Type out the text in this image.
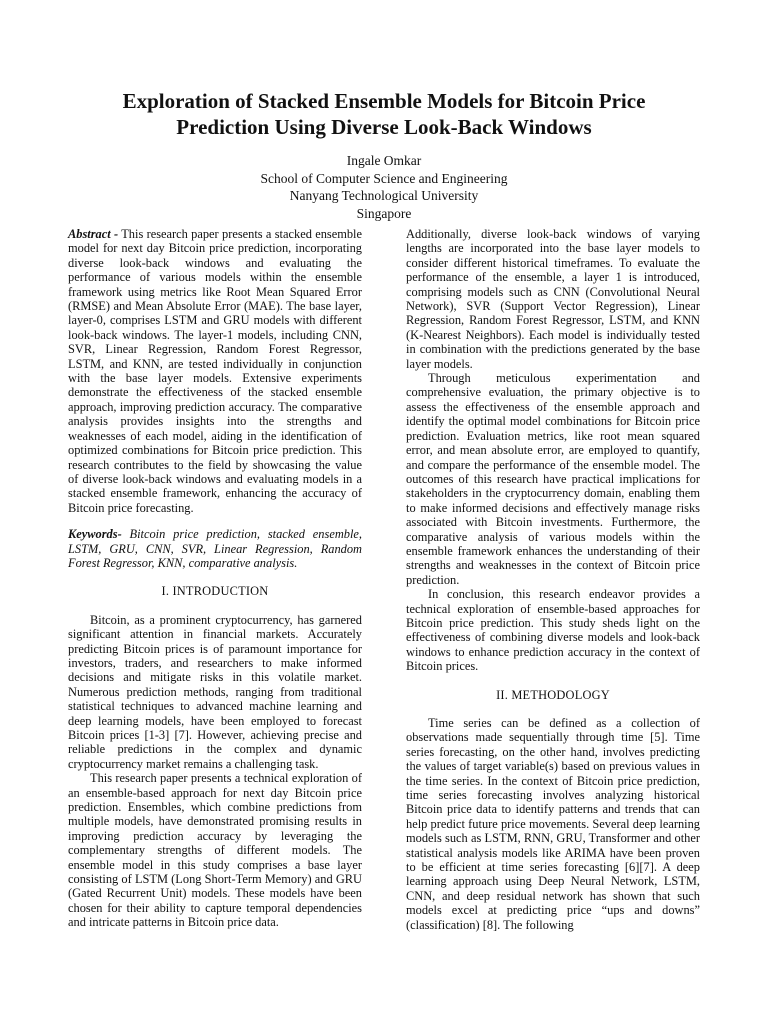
Exploration of Stacked Ensemble Models for Bitcoin Price
Prediction Using Diverse Look-Back Windows
Ingale Omkar
School of Computer Science and Engineering
Nanyang Technological University
Singapore

Abstract - This research paper presents a stacked ensemble model for next day Bitcoin price prediction, incorporating diverse look-back windows and evaluating the performance of various models within the ensemble framework using metrics like Root Mean Squared Error (RMSE) and Mean Absolute Error (MAE). The base layer, layer-0, comprises LSTM and GRU models with different look-back windows. The layer-1 models, including CNN, SVR, Linear Regression, Random Forest Regressor, LSTM, and KNN, are tested individually in conjunction with the base layer models. Extensive experiments demonstrate the effectiveness of the stacked ensemble approach, improving prediction accuracy. The comparative analysis provides insights into the strengths and weaknesses of each model, aiding in the identification of optimized combinations for Bitcoin price prediction. This research contributes to the field by showcasing the value of diverse look-back windows and evaluating models in a stacked ensemble framework, enhancing the accuracy of Bitcoin price forecasting.

Keywords- Bitcoin price prediction, stacked ensemble, LSTM, GRU, CNN, SVR, Linear Regression, Random Forest Regressor, KNN, comparative analysis.

I. INTRODUCTION

Bitcoin, as a prominent cryptocurrency, has garnered significant attention in financial markets. Accurately predicting Bitcoin prices is of paramount importance for investors, traders, and researchers to make informed decisions and mitigate risks in this volatile market. Numerous prediction methods, ranging from traditional statistical techniques to advanced machine learning and deep learning models, have been employed to forecast Bitcoin prices [1-3] [7]. However, achieving precise and reliable predictions in the complex and dynamic cryptocurrency market remains a challenging task.

This research paper presents a technical exploration of an ensemble-based approach for next day Bitcoin price prediction. Ensembles, which combine predictions from multiple models, have demonstrated promising results in improving prediction accuracy by leveraging the complementary strengths of different models. The ensemble model in this study comprises a base layer consisting of LSTM (Long Short-Term Memory) and GRU (Gated Recurrent Unit) models. These models have been chosen for their ability to capture temporal dependencies and intricate patterns in Bitcoin price data.

Additionally, diverse look-back windows of varying lengths are incorporated into the base layer models to consider different historical timeframes. To evaluate the performance of the ensemble, a layer 1 is introduced, comprising models such as CNN (Convolutional Neural Network), SVR (Support Vector Regression), Linear Regression, Random Forest Regressor, LSTM, and KNN (K-Nearest Neighbors). Each model is individually tested in combination with the predictions generated by the base layer models.

Through meticulous experimentation and comprehensive evaluation, the primary objective is to assess the effectiveness of the ensemble approach and identify the optimal model combinations for Bitcoin price prediction. Evaluation metrics, like root mean squared error, and mean absolute error, are employed to quantify, and compare the performance of the ensemble model. The outcomes of this research have practical implications for stakeholders in the cryptocurrency domain, enabling them to make informed decisions and effectively manage risks associated with Bitcoin investments. Furthermore, the comparative analysis of various models within the ensemble framework enhances the understanding of their strengths and weaknesses in the context of Bitcoin price prediction.

In conclusion, this research endeavor provides a technical exploration of ensemble-based approaches for Bitcoin price prediction. This study sheds light on the effectiveness of combining diverse models and look-back windows to enhance prediction accuracy in the context of Bitcoin prices.

II. METHODOLOGY

Time series can be defined as a collection of observations made sequentially through time [5]. Time series forecasting, on the other hand, involves predicting the values of target variable(s) based on previous values in the time series. In the context of Bitcoin price prediction, time series forecasting involves analyzing historical Bitcoin price data to identify patterns and trends that can help predict future price movements. Several deep learning models such as LSTM, RNN, GRU, Transformer and other statistical analysis models like ARIMA have been proven to be efficient at time series forecasting [6][7]. A deep learning approach using Deep Neural Network, LSTM, CNN, and deep residual network has shown that such models excel at predicting price “ups and downs” (classification) [8]. The following
